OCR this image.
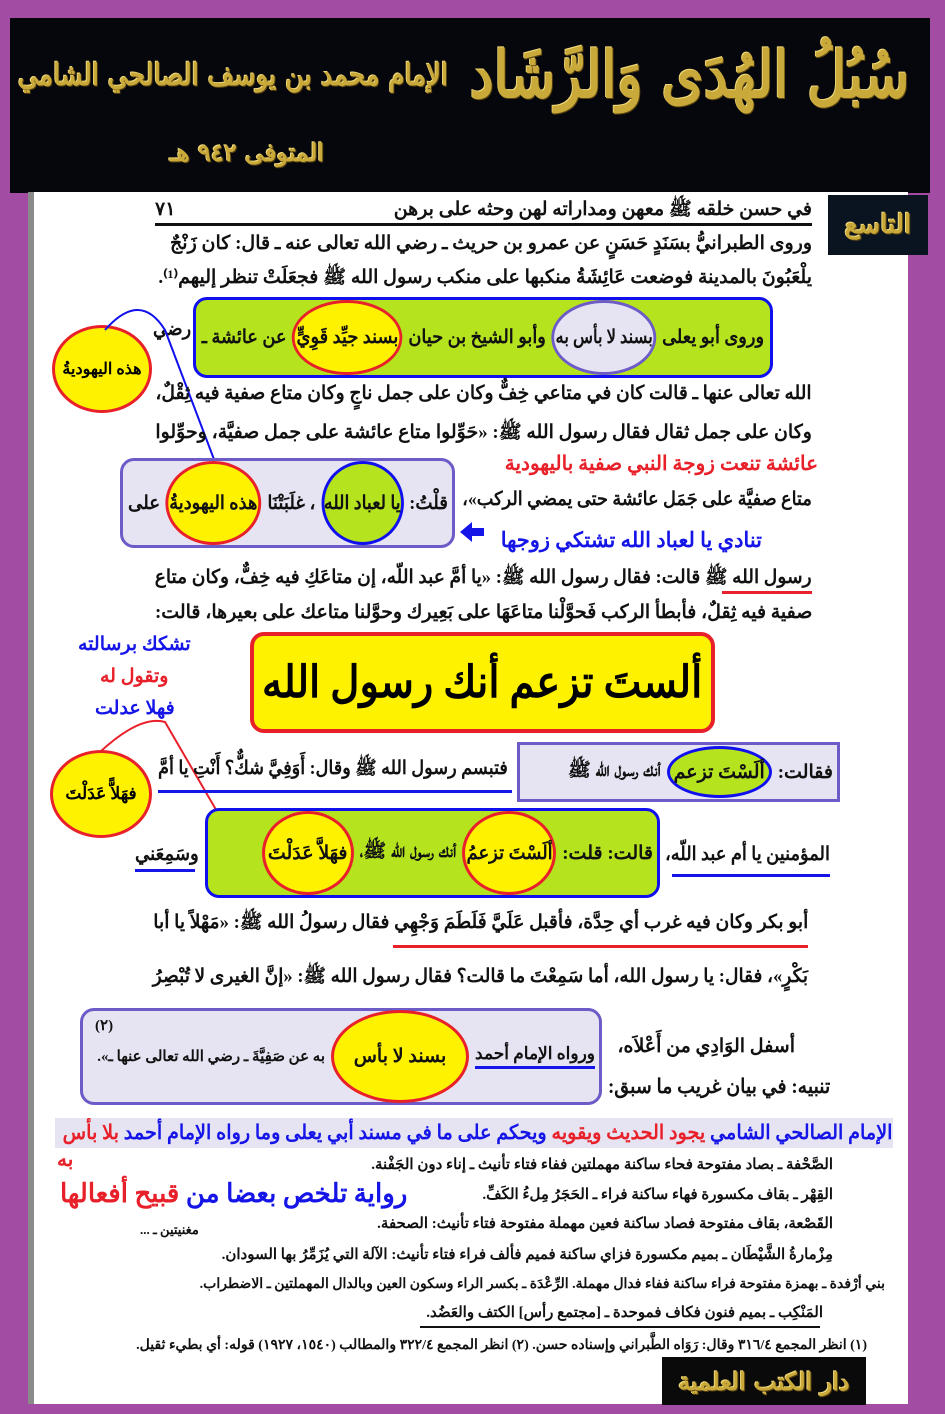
سُبُلُ الهُدَى وَالرَّشَاد
الإمام محمد بن يوسف الصالحي الشامي
المتوفى ٩٤٢ هـ
التاسع
في حسن خلقه ﷺ معهن ومداراته لهن وحثه على برهن
٧١
وروى الطبرانيُّ بسَنَدٍ حَسَنٍ عن عمرو بن حريث ـ رضي الله تعالى عنه ـ قال: كان زَنْجٌ
يلْعَبُونَ بالمدينة فوضعت عَائِشَةُ منكبها على منكب رسول الله ﷺ فجعَلَتْ تنظر إليهم⁽¹⁾.
وروى أبو يعلى
بسند لا بأس به
وأبو الشيخ بن حيان
بسند جيِّد قَوِيٍّ
عن عائشة ـ
رضي
هذه اليهوديةُ
الله تعالى عنها ـ قالت كان في متاعي خِفٌّ وكان على جمل ناجٍ وكان متاع صفية فيه ثِقْلٌ،
وكان على جمل ثقال فقال رسول الله ﷺ: «حَوِّلوا متاع عائشة على جمل صفيَّة، وحوِّلوا
عائشة تنعت زوجة النبي صفية باليهودية
قلْتُ:
يا لعباد الله
، غلَبَتْنَا
هذه اليهوديةُ
على	متاع صفيَّة على جَمَل عائشة حتى يمضي الركب»،
تنادي يا لعباد الله تشتكي زوجها
رسول الله ﷺ قالت: فقال رسول الله ﷺ: «يا أمَّ عبد اللّه، إن متاعَكِ فيه خِفٌّ، وكان متاع
صفية فيه ثِقلٌ، فأبطأ الركب فَحوَّلْنا متاعَهَا على بَعِيرك وحوَّلنا متاعك على بعيرها، قالت:
تشكك برسالته
وتقول له
فهلا عدلت
ألستَ تزعم أنك رسول الله
فقالت:
ألَسْتَ تزعم
أنك رسول الله ﷺ
فتبسم رسول الله ﷺ وقال: أَوَفِيَّ شكٌّ؟ أَنْتِ يا أمَّ
فهَلاًّ عَدَلْتَ
قالت: قلت:
ألَسْتَ تزعمُ
أنك رسول الله ﷺ،
فهَلاَّ عَدَلْتَ	المؤمنين يا أم عبد اللّه،
وسَمِعَني
أبو بكر وكان فيه غرب أي حِدَّة، فأقبل عَلَيَّ فَلَطَمَ وَجْهِي فقال رسولُ الله ﷺ: «مَهْلاً يا أبا
بَكْرٍ»، فقال: يا رسول الله، أما سَمِعْتَ ما قالت؟ فقال رسول الله ﷺ: «إنَّ الغيرى لا تُبْصِرُ
ورواه الإمام أحمد
بسند لا بأس
به عن صَفِيَّةَ ـ رضي الله تعالى عنها ـ».
(٢)
أسفل الوَادِي من أَعْلاَه،
تنبيه: في بيان غريب ما سبق:
الإمام الصالحي الشامي يجود الحديث ويقويه ويحكم على ما في مسند أبي يعلى وما رواه الإمام أحمد بلا بأس
به	الصَّحْفة ـ بصاد مفتوحة فحاء ساكنة مهملتين ففاء فتاء تأنيث ـ إناء دون الجَفْنة.
القِهْر ـ بقاف مكسورة فهاء ساكنة فراء ـ الحَجَرُ مِلءُ الكَفِّ.
رواية تلخص بعضا من قبيح أفعالها
القَصْعة، بقاف مفتوحة فصاد ساكنة فعين مهملة مفتوحة فتاء تأنيث: الصحفة.
مغنيتين ـ ...
مِزْمارةُ الشَّيْطَان ـ بميم مكسورة فزاي ساكنة فميم فألف فراء فتاء تأنيث: الآلة التي يُزَمِّرُ بها السودان.
بني أرْفدة ـ بهمزة مفتوحة فراء ساكنة ففاء فدال مهملة. الرِّعْدَة ـ بكسر الراء وسكون العين وبالدال المهملتين ـ الاضطراب.
المَنْكِب ـ بميم فنون فكاف فموحدة ـ [مجتمع رأس] الكتف والعَضُد.
(١) انظر المجمع ٣١٦/٤ وقال: رَوَاه الطَّبراني وإسناده حسن. (٢) انظر المجمع ٣٢٢/٤ والمطالب (١٥٤٠، ١٩٢٧) قوله: أي بطيء ثقيل.
دار الكتب العلمية
